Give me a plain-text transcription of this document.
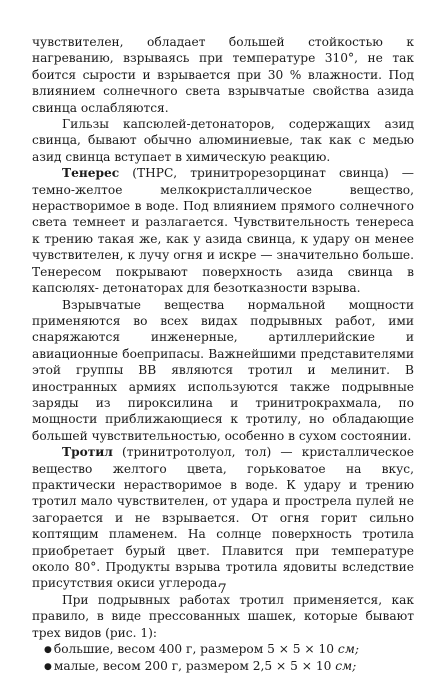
чувствителен, обладает большей стойкостью к нагреванию, взрываясь при температуре 310°, не так боится сырости и взрывается при 30 % влажности. Под влиянием солнечного света взрывчатые свойства азида свинца ослабляются.

Гильзы капсюлей-детонаторов, содержащих азид свинца, бывают обычно алюминиевые, так как с медью азид свинца вступает в химическую реакцию.

Тенерес (ТНРС, тринитрорезорцинат свинца) — темно-желтое мелкокристаллическое вещество, нерастворимое в воде. Под влиянием прямого солнечного света темнеет и разлагается. Чувствительность тенереса к трению такая же, как у азида свинца, к удару он менее чувствителен, к лучу огня и искре — значительно больше. Тенересом покрывают поверхность азида свинца в капсюлях- детонаторах для безотказности взрыва.

Взрывчатые вещества нормальной мощности применяются во всех видах подрывных работ, ими снаряжаются инженерные, артиллерийские и авиационные боеприпасы. Важнейшими представителями этой группы ВВ являются тротил и мелинит. В иностранных армиях используются также подрывные заряды из пироксилина и тринитрокрахмала, по мощности приближающиеся к тротилу, но обладающие большей чувствительностью, особенно в сухом состоянии.

Тротил (тринитротолуол, тол) — кристаллическое вещество желтого цвета, горьковатое на вкус, практически нерастворимое в воде. К удару и трению тротил мало чувствителен, от удара и прострела пулей не загорается и не взрывается. От огня горит сильно коптящим пламенем. На солнце поверхность тротила приобретает бурый цвет. Плавится при температуре около 80°. Продукты взрыва тротила ядовиты вследствие присутствия окиси углерода.

При подрывных работах тротил применяется, как правило, в виде прессованных шашек, которые бывают трех видов (рис. 1):

● большие, весом 400 г, размером 5 × 5 × 10 см;
● малые, весом 200 г, размером 2,5 × 5 × 10 см;
7
